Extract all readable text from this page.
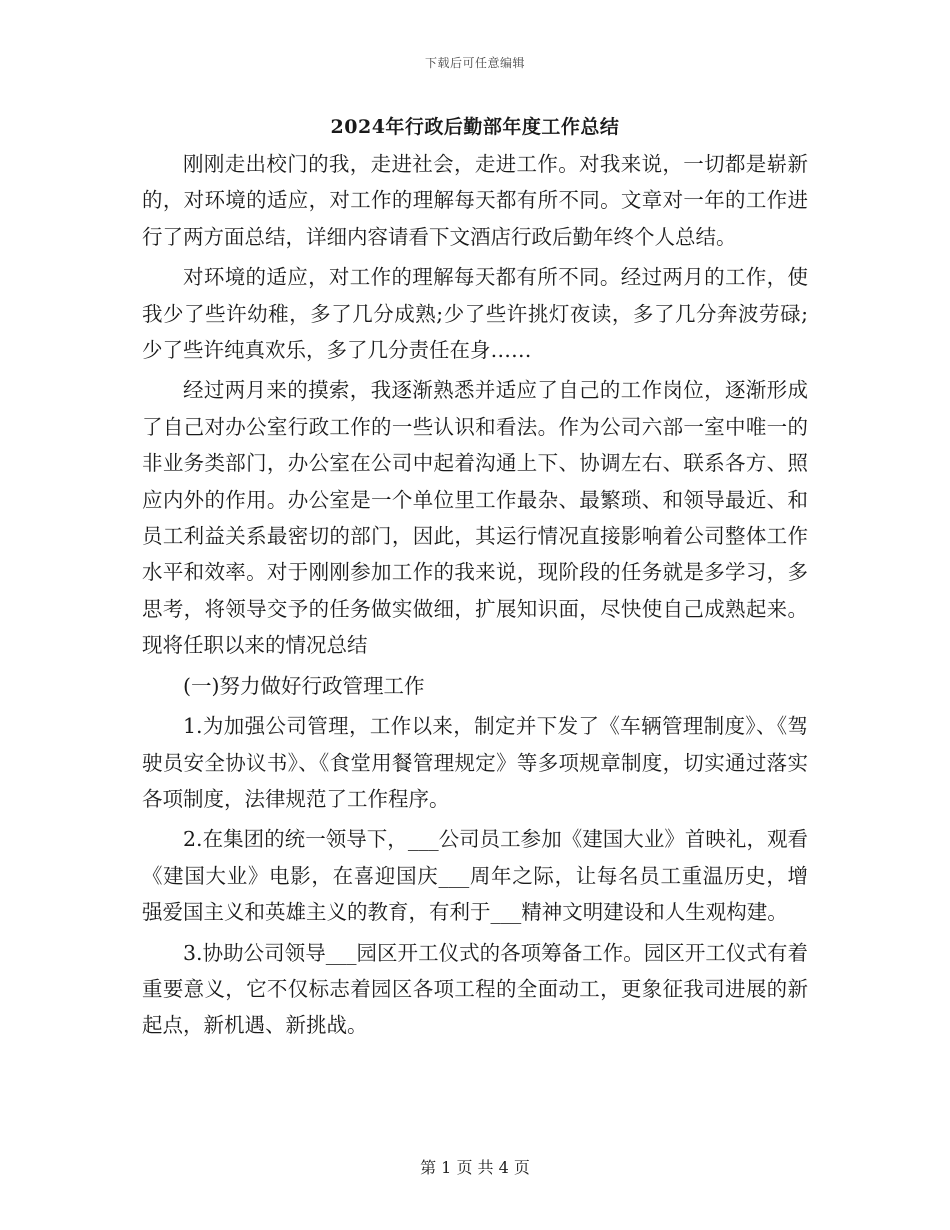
下载后可任意编辑
2024年行政后勤部年度工作总结

刚刚走出校门的我，走进社会，走进工作。对我来说，一切都是崭新的，对环境的适应，对工作的理解每天都有所不同。文章对一年的工作进行了两方面总结，详细内容请看下文酒店行政后勤年终个人总结。

对环境的适应，对工作的理解每天都有所不同。经过两月的工作，使我少了些许幼稚，多了几分成熟;少了些许挑灯夜读，多了几分奔波劳碌;少了些许纯真欢乐，多了几分责任在身……

经过两月来的摸索，我逐渐熟悉并适应了自己的工作岗位，逐渐形成了自己对办公室行政工作的一些认识和看法。作为公司六部一室中唯一的非业务类部门，办公室在公司中起着沟通上下、协调左右、联系各方、照应内外的作用。办公室是一个单位里工作最杂、最繁琐、和领导最近、和员工利益关系最密切的部门，因此，其运行情况直接影响着公司整体工作水平和效率。对于刚刚参加工作的我来说，现阶段的任务就是多学习，多思考，将领导交予的任务做实做细，扩展知识面，尽快使自己成熟起来。现将任职以来的情况总结

(一)努力做好行政管理工作

1.为加强公司管理，工作以来，制定并下发了《车辆管理制度》、《驾驶员安全协议书》、《食堂用餐管理规定》等多项规章制度，切实通过落实各项制度，法律规范了工作程序。

2.在集团的统一领导下，___公司员工参加《建国大业》首映礼，观看《建国大业》电影，在喜迎国庆___周年之际，让每名员工重温历史，增强爱国主义和英雄主义的教育，有利于___精神文明建设和人生观构建。

3.协助公司领导___园区开工仪式的各项筹备工作。园区开工仪式有着重要意义，它不仅标志着园区各项工程的全面动工，更象征我司进展的新起点，新机遇、新挑战。

第 1 页 共 4 页
